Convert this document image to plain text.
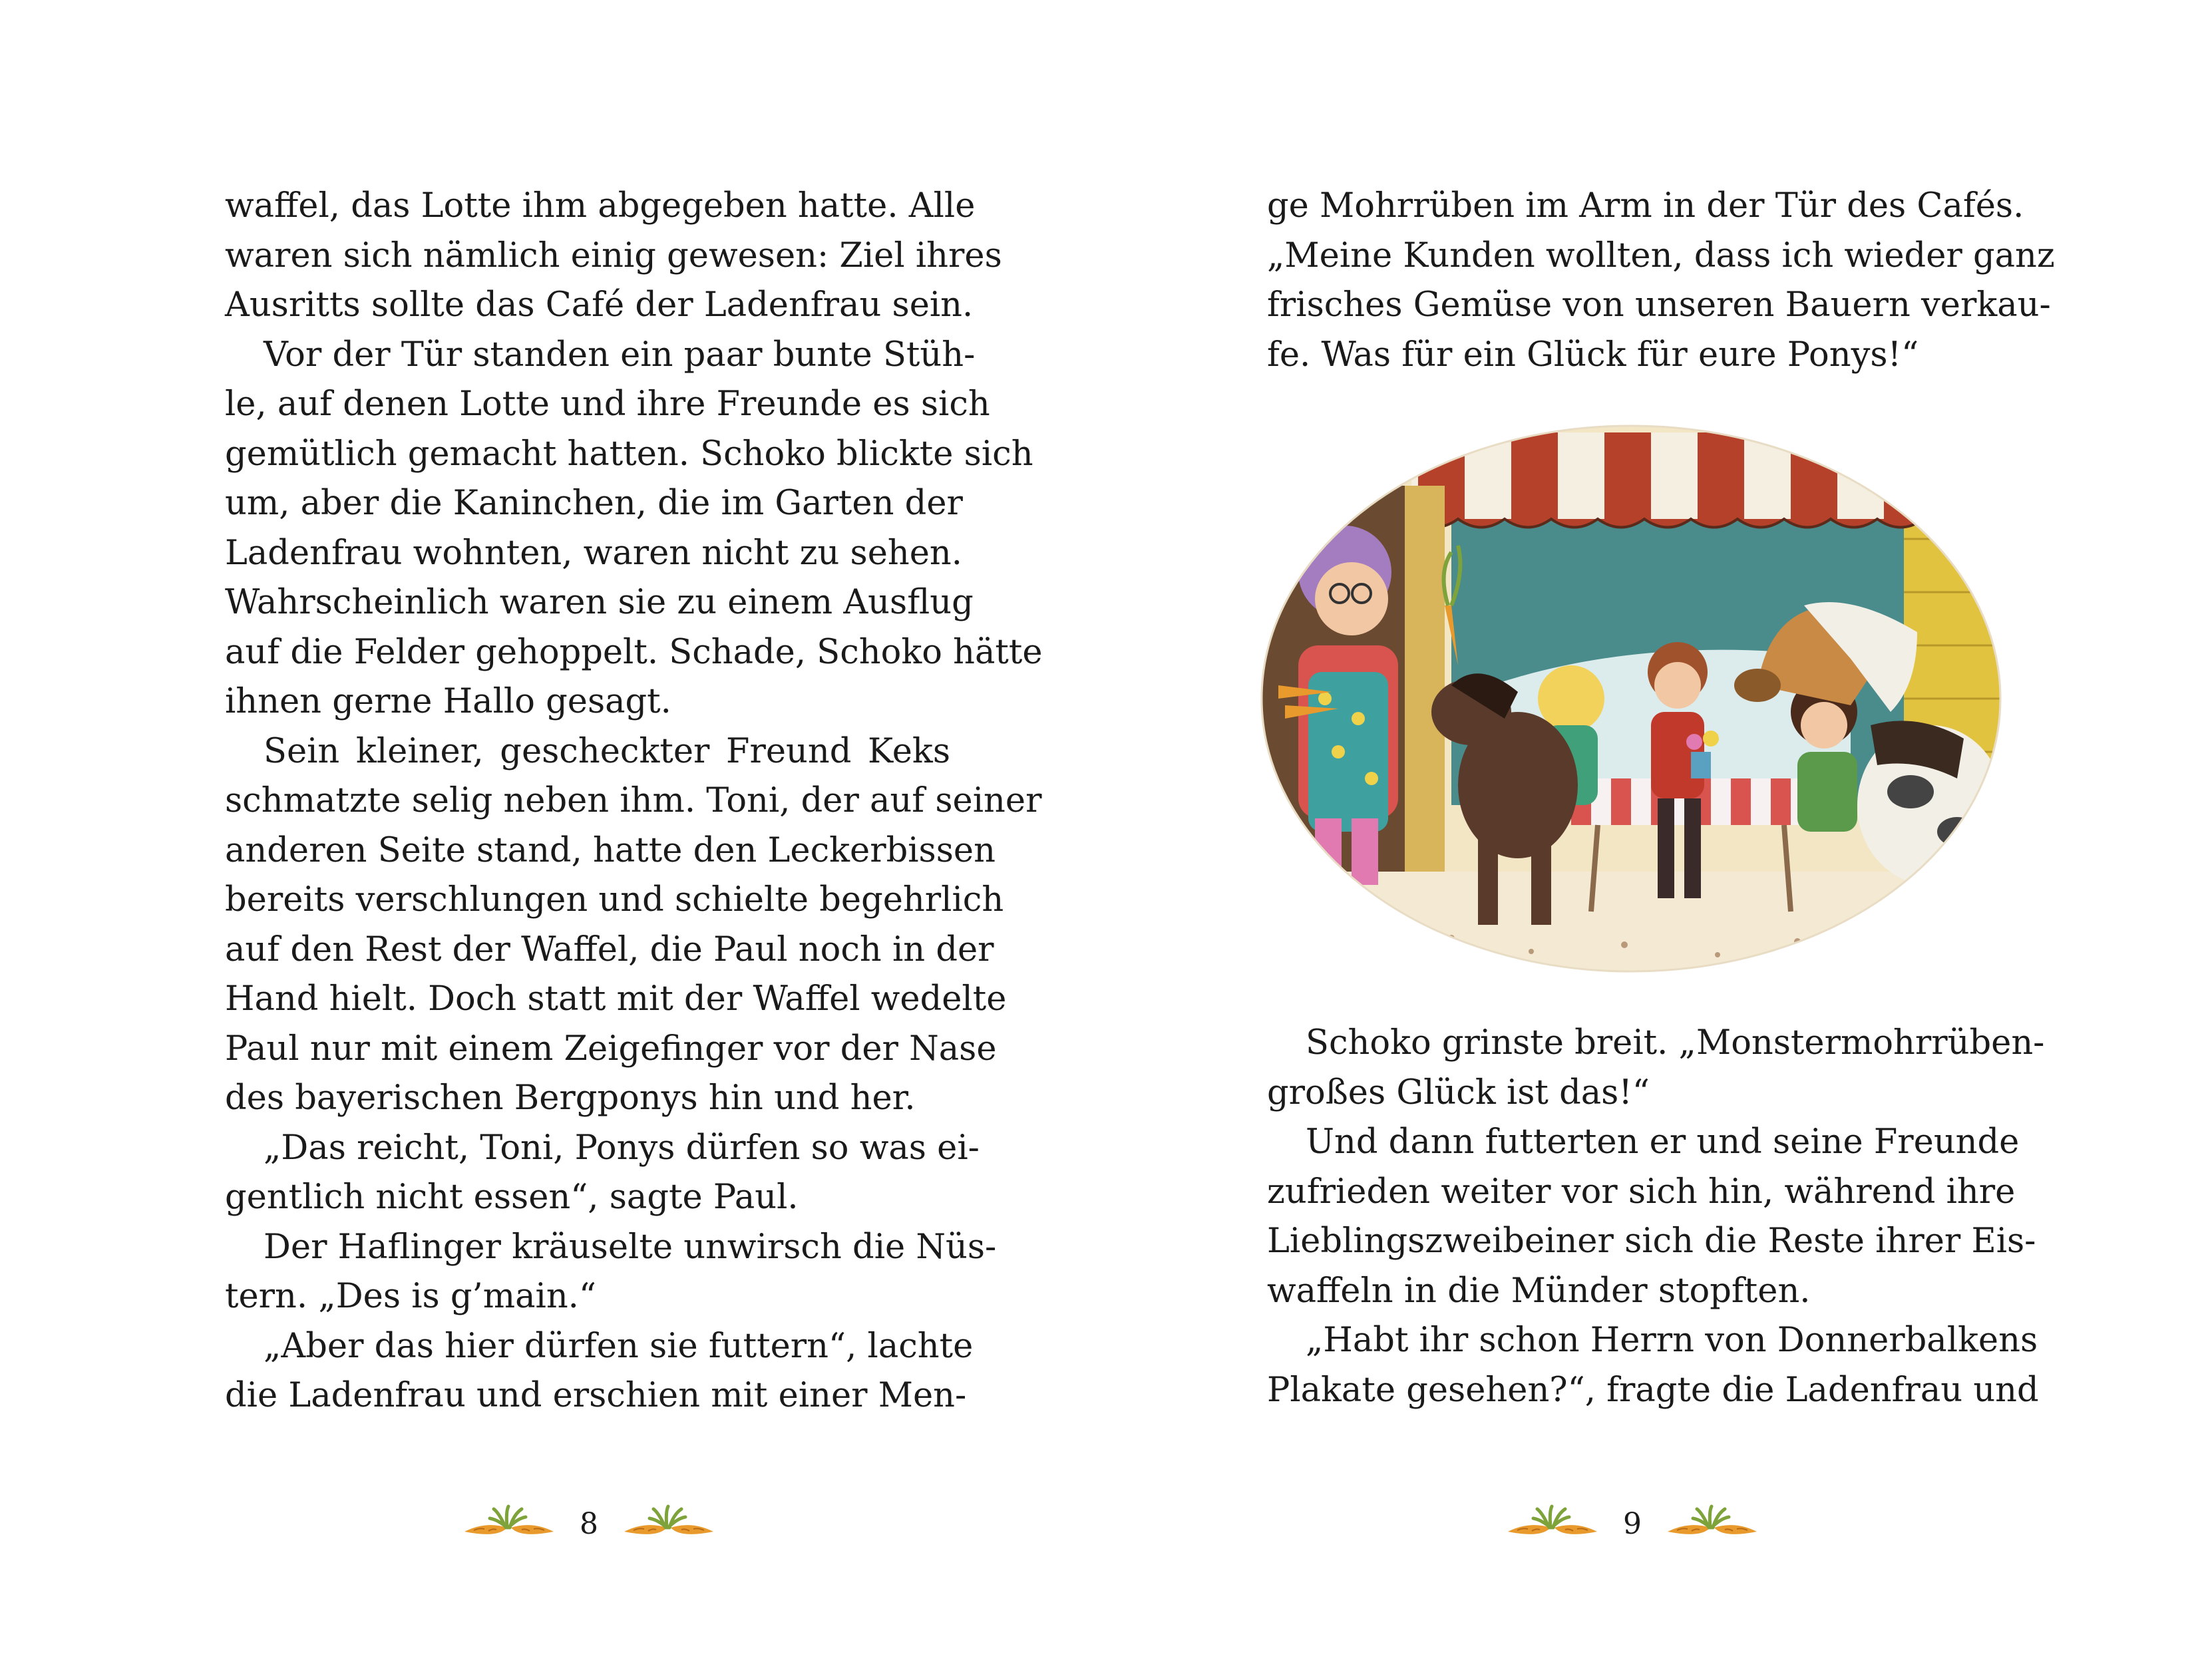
waffel, das Lotte ihm abgegeben hatte. Alle
waren sich nämlich einig gewesen: Ziel ihres
Ausritts sollte das Café der Ladenfrau sein.
Vor der Tür standen ein paar bunte Stüh-
le, auf denen Lotte und ihre Freunde es sich
gemütlich gemacht hatten. Schoko blickte sich
um, aber die Kaninchen, die im Garten der
Ladenfrau wohnten, waren nicht zu sehen.
Wahrscheinlich waren sie zu einem Ausflug
auf die Felder gehoppelt. Schade, Schoko hätte
ihnen gerne Hallo gesagt.
Sein kleiner, gescheckter Freund Keks
schmatzte selig neben ihm. Toni, der auf seiner
anderen Seite stand, hatte den Leckerbissen
bereits verschlungen und schielte begehrlich
auf den Rest der Waffel, die Paul noch in der
Hand hielt. Doch statt mit der Waffel wedelte
Paul nur mit einem Zeigefinger vor der Nase
des bayerischen Bergponys hin und her.
„Das reicht, Toni, Ponys dürfen so was ei-
gentlich nicht essen“, sagte Paul.
Der Haflinger kräuselte unwirsch die Nüs-
tern. „Des is g’main.“
„Aber das hier dürfen sie futtern“, lachte
die Ladenfrau und erschien mit einer Men-
8
ge Mohrrüben im Arm in der Tür des Cafés.
„Meine Kunden wollten, dass ich wieder ganz
frisches Gemüse von unseren Bauern verkau-
fe. Was für ein Glück für eure Ponys!“
Schoko grinste breit. „Monstermohrrüben-
großes Glück ist das!“
Und dann futterten er und seine Freunde
zufrieden weiter vor sich hin, während ihre
Lieblingszweibeiner sich die Reste ihrer Eis-
waffeln in die Münder stopften.
„Habt ihr schon Herrn von Donnerbalkens
Plakate gesehen?“, fragte die Ladenfrau und
9
